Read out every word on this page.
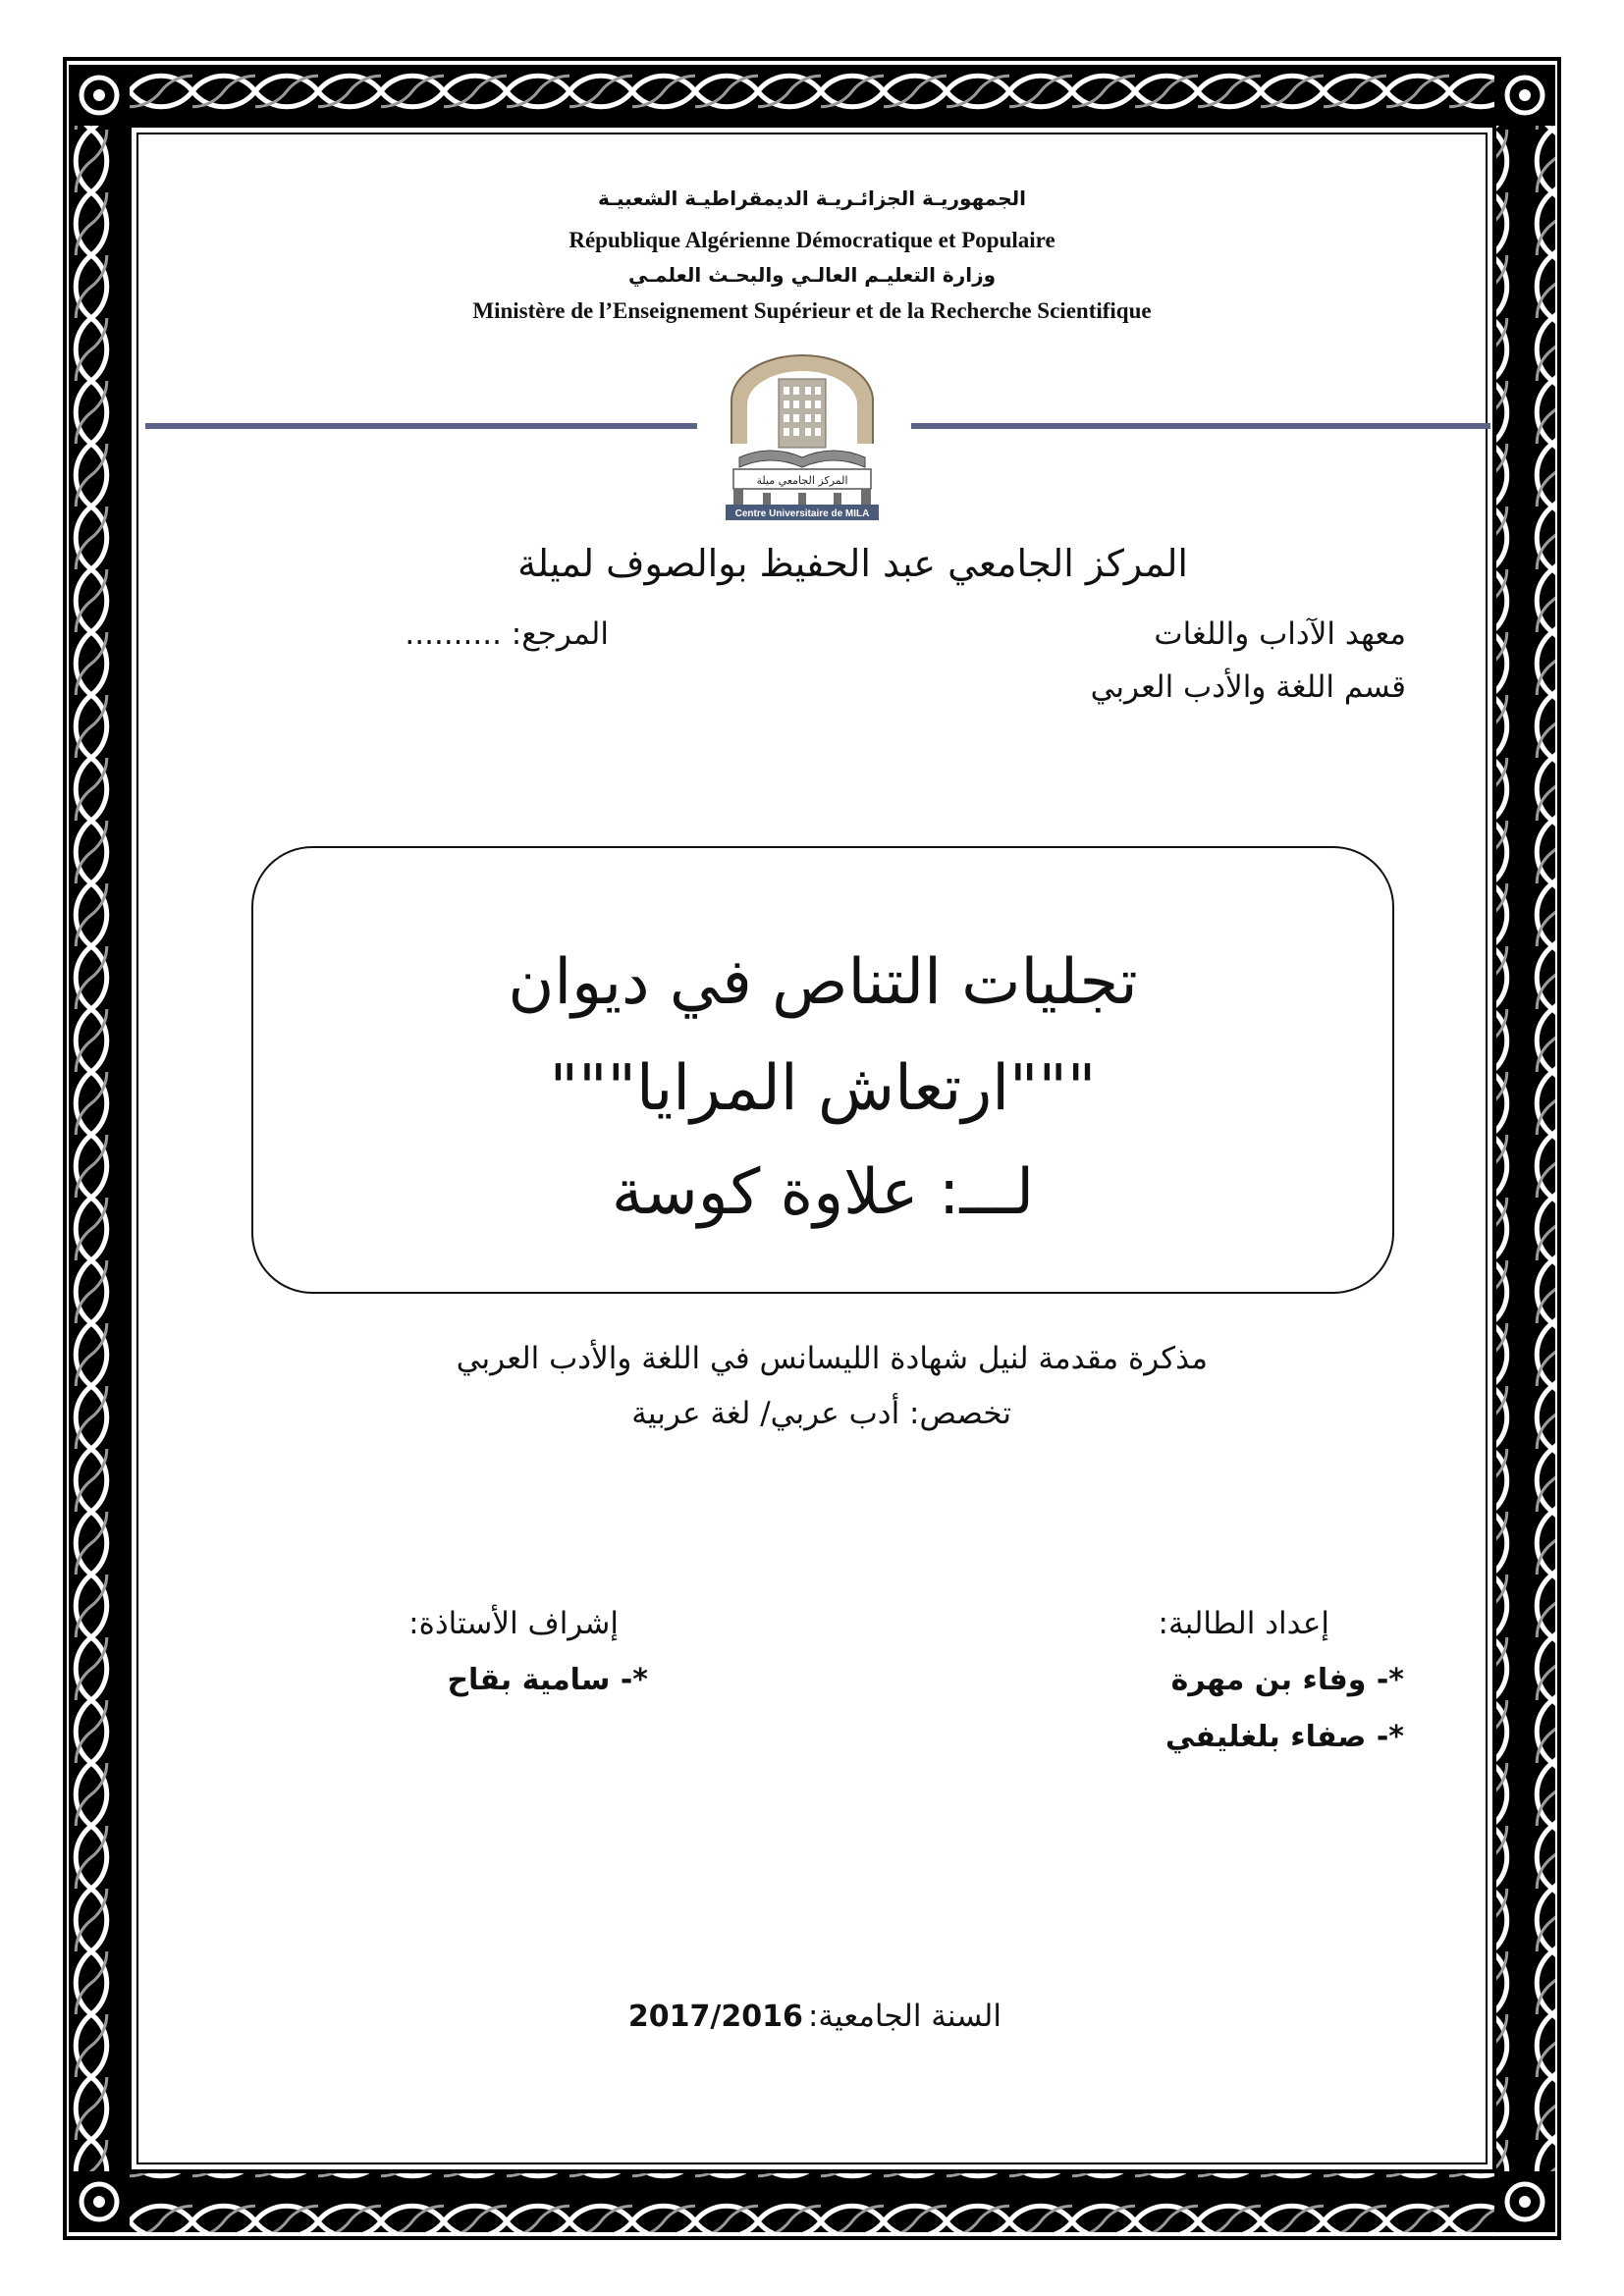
الجمهوريـة الجزائـريـة الديمقراطيـة الشعبيـة
République Algérienne Démocratique et Populaire
وزارة التعليـم العالـي والبحـث العلمـي
Ministère de l’Enseignement Supérieur et de la Recherche Scientifique
المركز الجامعي ميلة
Centre Universitaire de MILA
المركز الجامعي عبد الحفيظ بوالصوف لميلة
معهد الآداب واللغات
المرجع: ..........
قسم اللغة والأدب العربي
تجليات التناص في ديوان
"""ارتعاش المرايا"""
لـــ: علاوة كوسة
مذكرة مقدمة لنيل شهادة الليسانس في اللغة والأدب العربي
تخصص: أدب عربي/ لغة عربية
إعداد الطالبة:
*- وفاء بن مهرة
*- صفاء بلغليفي
إشراف الأستاذة:
*- سامية بقاح
السنة الجامعية: 2017/2016
